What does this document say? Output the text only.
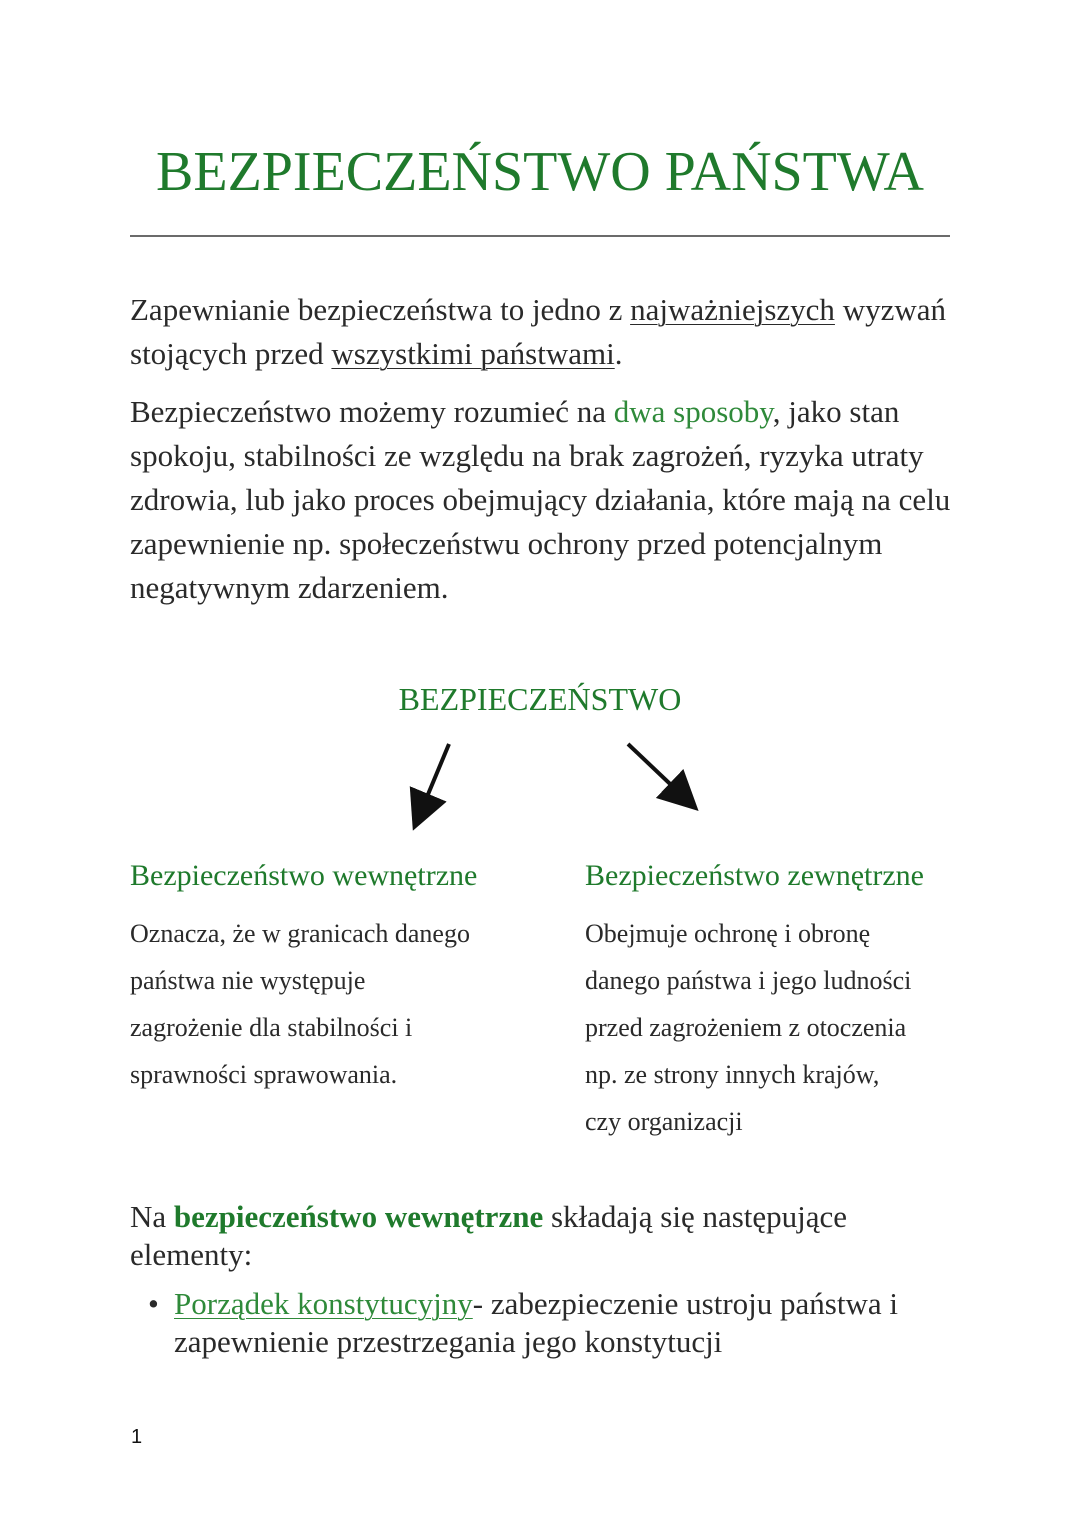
BEZPIECZEŃSTWO PAŃSTWA
Zapewnianie bezpieczeństwa to jedno z najważniejszych wyzwań stojących przed wszystkimi państwami.
Bezpieczeństwo możemy rozumieć na dwa sposoby, jako stan spokoju, stabilności ze względu na brak zagrożeń, ryzyka utraty zdrowia, lub jako proces obejmujący działania, które mają na celu zapewnienie np. społeczeństwu ochrony przed potencjalnym negatywnym zdarzeniem.
BEZPIECZEŃSTWO
Bezpieczeństwo wewnętrzne	Bezpieczeństwo zewnętrzne
Oznacza, że w granicach danego
państwa nie występuje
zagrożenie dla stabilności i
sprawności sprawowania.
Obejmuje ochronę i obronę
danego państwa i jego ludności
przed zagrożeniem z otoczenia
np. ze strony innych krajów,
czy organizacji
Na bezpieczeństwo wewnętrzne składają się następujące elementy:
• Porządek konstytucyjny- zabezpieczenie ustroju państwa i zapewnienie przestrzegania jego konstytucji
1
